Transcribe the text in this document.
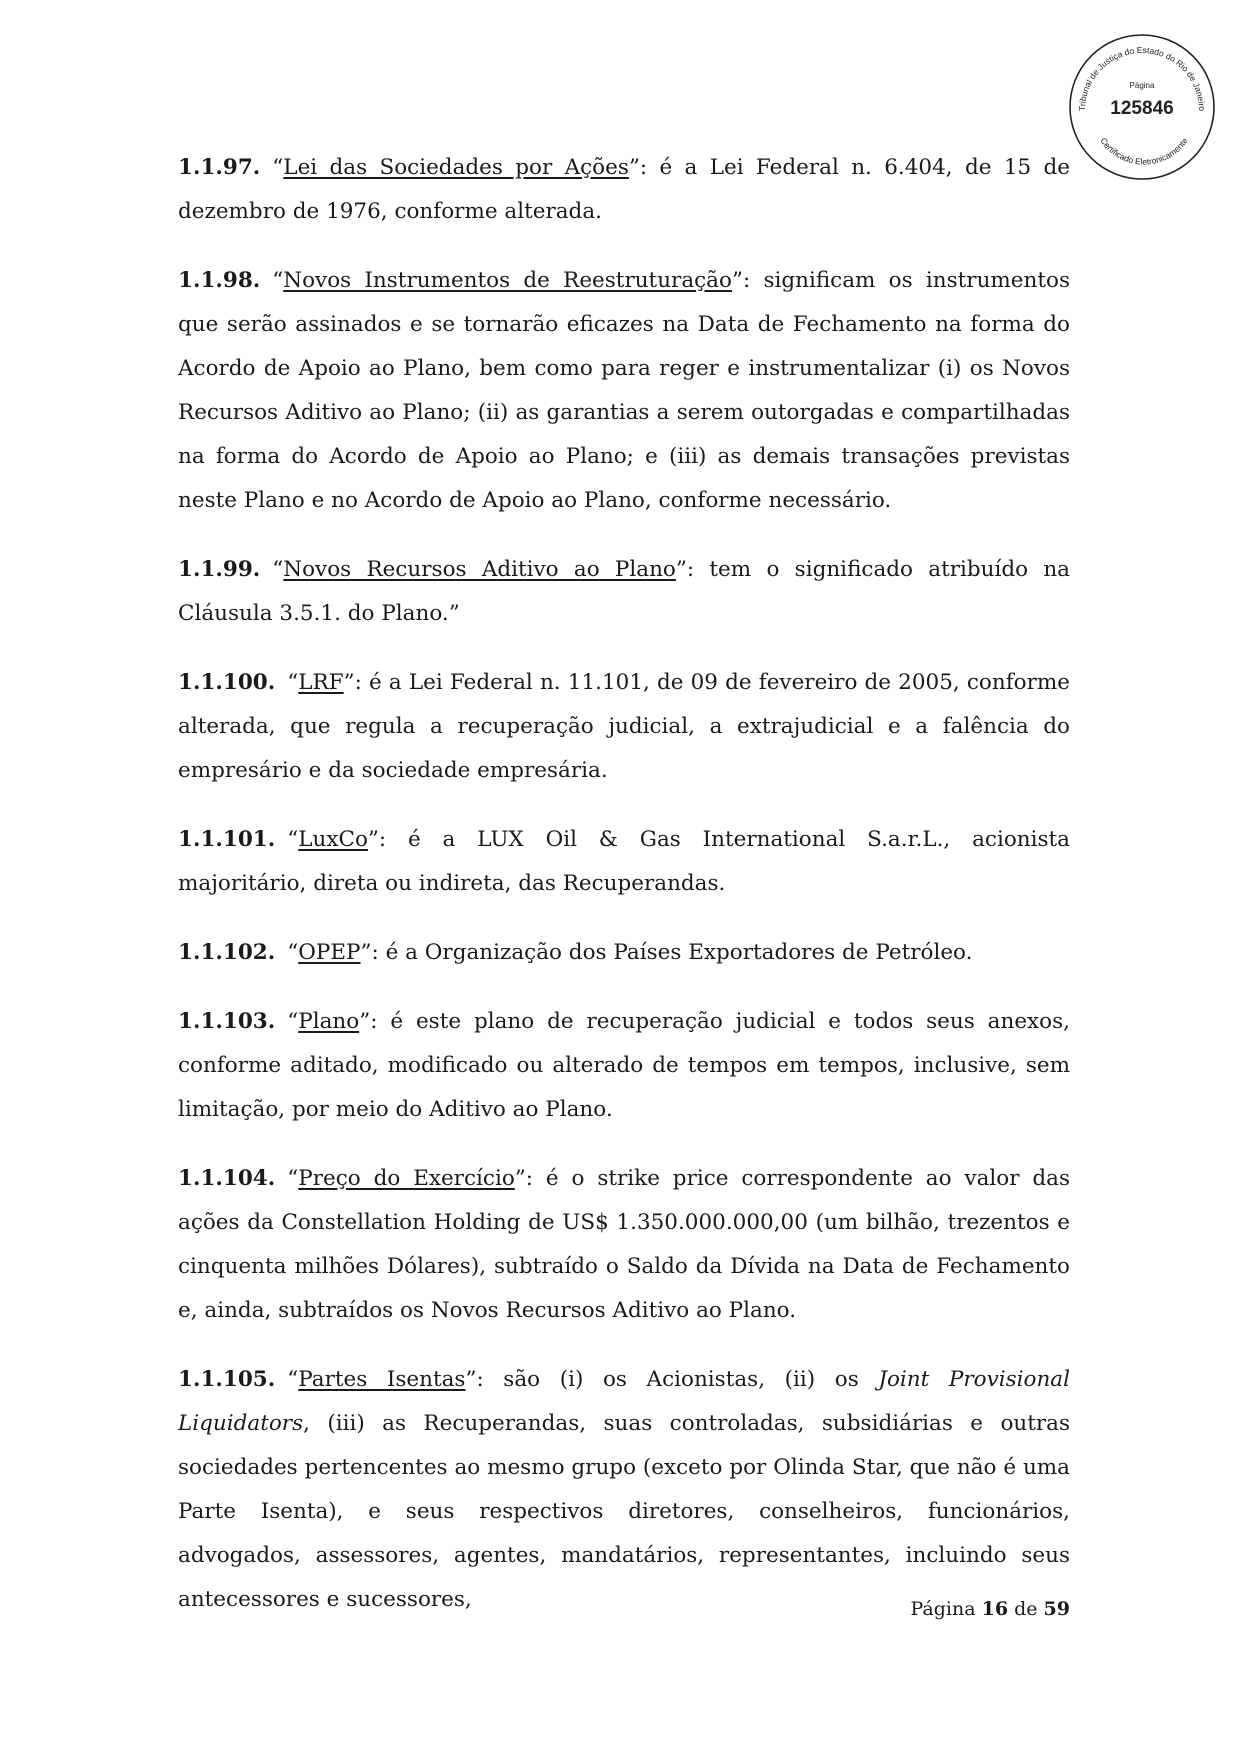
Tribunal de Justiça do Estado do Rio de Janeiro
Página
125846
Certificado Eletronicamente

1.1.97. “Lei das Sociedades por Ações”: é a Lei Federal n. 6.404, de 15 de dezembro de 1976, conforme alterada.

1.1.98. “Novos Instrumentos de Reestruturação”: significam os instrumentos que serão assinados e se tornarão eficazes na Data de Fechamento na forma do Acordo de Apoio ao Plano, bem como para reger e instrumentalizar (i) os Novos Recursos Aditivo ao Plano; (ii) as garantias a serem outorgadas e compartilhadas na forma do Acordo de Apoio ao Plano; e (iii) as demais transações previstas neste Plano e no Acordo de Apoio ao Plano, conforme necessário.

1.1.99. “Novos Recursos Aditivo ao Plano”: tem o significado atribuído na Cláusula 3.5.1. do Plano.”

1.1.100. “LRF”: é a Lei Federal n. 11.101, de 09 de fevereiro de 2005, conforme alterada, que regula a recuperação judicial, a extrajudicial e a falência do empresário e da sociedade empresária.

1.1.101. “LuxCo”: é a LUX Oil & Gas International S.a.r.L., acionista majoritário, direta ou indireta, das Recuperandas.

1.1.102. “OPEP”: é a Organização dos Países Exportadores de Petróleo.

1.1.103. “Plano”: é este plano de recuperação judicial e todos seus anexos, conforme aditado, modificado ou alterado de tempos em tempos, inclusive, sem limitação, por meio do Aditivo ao Plano.

1.1.104. “Preço do Exercício”: é o strike price correspondente ao valor das ações da Constellation Holding de US$ 1.350.000.000,00 (um bilhão, trezentos e cinquenta milhões Dólares), subtraído o Saldo da Dívida na Data de Fechamento e, ainda, subtraídos os Novos Recursos Aditivo ao Plano.

1.1.105. “Partes Isentas”: são (i) os Acionistas, (ii) os Joint Provisional Liquidators, (iii) as Recuperandas, suas controladas, subsidiárias e outras sociedades pertencentes ao mesmo grupo (exceto por Olinda Star, que não é uma Parte Isenta), e seus respectivos diretores, conselheiros, funcionários, advogados, assessores, agentes, mandatários, representantes, incluindo seus antecessores e sucessores,	Página 16 de 59
